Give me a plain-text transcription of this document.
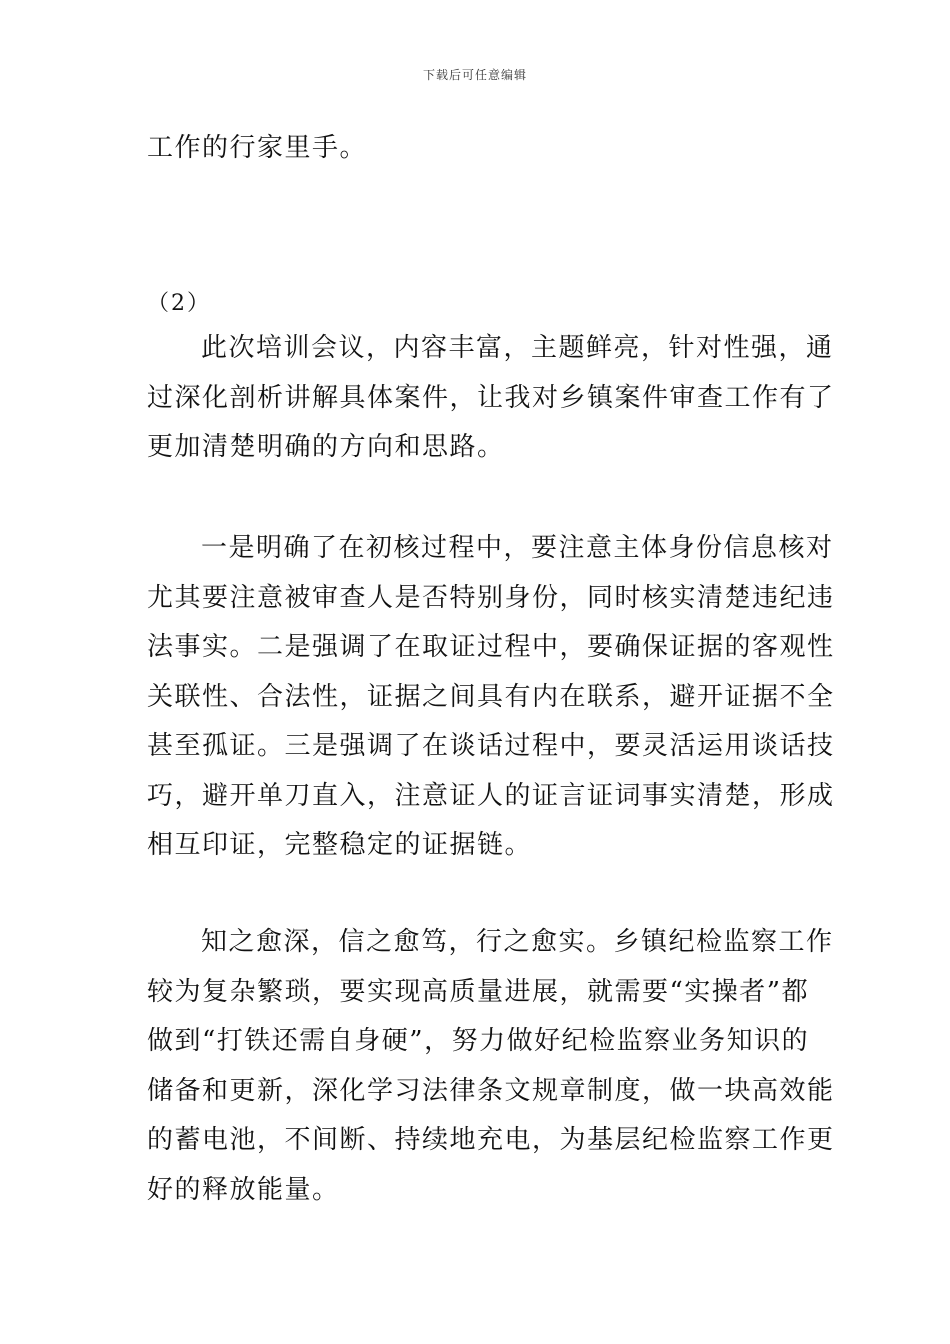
下载后可任意编辑
工作的行家里手。
（2）
此次培训会议，内容丰富，主题鲜亮，针对性强，通
过深化剖析讲解具体案件，让我对乡镇案件审查工作有了
更加清楚明确的方向和思路。
一是明确了在初核过程中，要注意主体身份信息核对
尤其要注意被审查人是否特别身份，同时核实清楚违纪违
法事实。二是强调了在取证过程中，要确保证据的客观性
关联性、合法性，证据之间具有内在联系，避开证据不全
甚至孤证。三是强调了在谈话过程中，要灵活运用谈话技
巧，避开单刀直入，注意证人的证言证词事实清楚，形成
相互印证，完整稳定的证据链。
知之愈深，信之愈笃，行之愈实。乡镇纪检监察工作
较为复杂繁琐，要实现高质量进展，就需要“实操者”都
做到“打铁还需自身硬”，努力做好纪检监察业务知识的
储备和更新，深化学习法律条文规章制度，做一块高效能
的蓄电池，不间断、持续地充电，为基层纪检监察工作更
好的释放能量。
